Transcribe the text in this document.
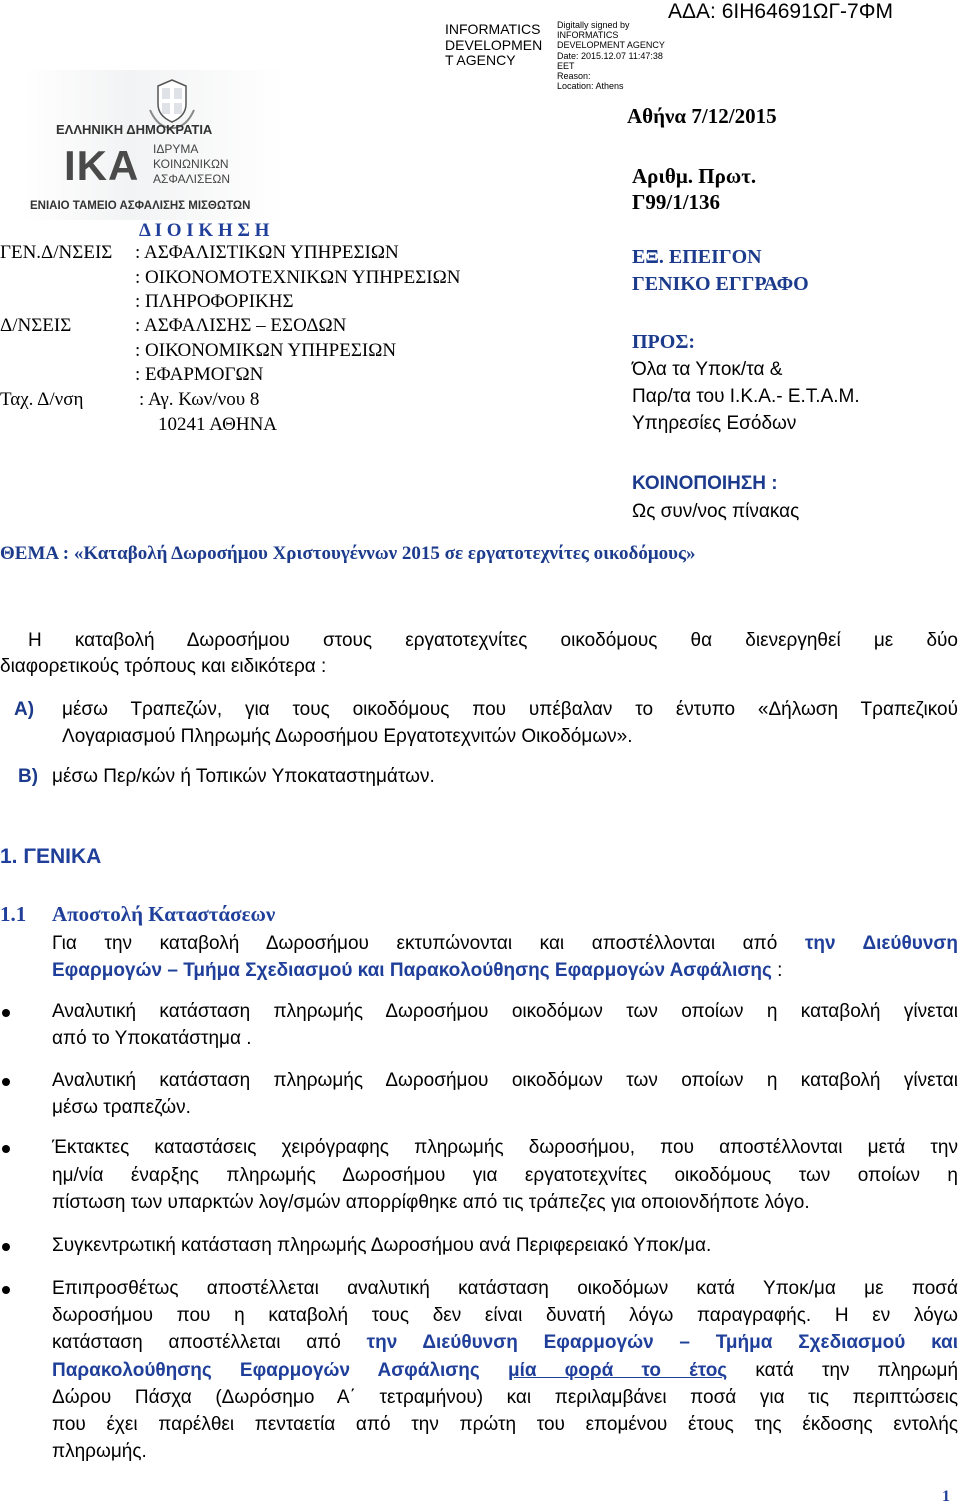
INFORMATICS
DEVELOPMEN
T AGENCY
Digitally signed by
INFORMATICS
DEVELOPMENT AGENCY
Date: 2015.12.07 11:47:38
EET
Reason:
Location: Athens
ΑΔΑ: 6ΙΗ64691ΩΓ-7ΦΜ
ΕΛΛΗΝΙΚΗ ΔΗΜΟΚΡΑΤΙΑ
ΙΚΑ ΙΔΡΥΜΑ
ΚΟΙΝΩΝΙΚΩΝ
ΑΣΦΑΛΙΣΕΩΝ
ΕΝΙΑΙΟ ΤΑΜΕΙΟ ΑΣΦΑΛΙΣΗΣ ΜΙΣΘΩΤΩΝ
Δ Ι Ο Ι Κ Η Σ Η
ΓΕΝ.Δ/ΝΣΕΙΣ : ΑΣΦΑΛΙΣΤΙΚΩΝ ΥΠΗΡΕΣΙΩΝ
: ΟΙΚΟΝΟΜΟΤΕΧΝΙΚΩΝ ΥΠΗΡΕΣΙΩΝ
: ΠΛΗΡΟΦΟΡΙΚΗΣ
Δ/ΝΣΕΙΣ	: ΑΣΦΑΛΙΣΗΣ – ΕΣΟΔΩΝ
: ΟΙΚΟΝΟΜΙΚΩΝ ΥΠΗΡΕΣΙΩΝ
: ΕΦΑΡΜΟΓΩΝ
Ταχ. Δ/νση	: Αγ. Κων/νου 8
10241 ΑΘΗΝΑ
Αθήνα 7/12/2015
Αριθμ. Πρωτ.
Γ99/1/136
ΕΞ. ΕΠΕΙΓΟΝ
ΓΕΝΙΚΟ ΕΓΓΡΑΦΟ
ΠΡΟΣ:
Όλα τα Υποκ/τα &
Παρ/τα του Ι.Κ.Α.- Ε.Τ.Α.Μ.
Υπηρεσίες Εσόδων
ΚΟΙΝΟΠΟΙΗΣΗ :
Ως συν/νος πίνακας
ΘΕΜΑ : «Καταβολή Δωροσήμου Χριστουγέννων 2015 σε εργατοτεχνίτες οικοδόμους»
Η καταβολή Δωροσήμου στους εργατοτεχνίτες οικοδόμους θα διενεργηθεί με δύο
διαφορετικούς τρόπους και ειδικότερα :
Α) μέσω Τραπεζών, για τους οικοδόμους που υπέβαλαν το έντυπο «Δήλωση Τραπεζικού
Λογαριασμού Πληρωμής Δωροσήμου Εργατοτεχνιτών Οικοδόμων».
Β) μέσω Περ/κών ή Τοπικών Υποκαταστημάτων.
1. ΓΕΝΙΚΑ
1.1 Αποστολή Καταστάσεων
Για την καταβολή Δωροσήμου εκτυπώνονται και αποστέλλονται από την Διεύθυνση
Εφαρμογών – Τμήμα Σχεδιασμού και Παρακολούθησης Εφαρμογών Ασφάλισης :
Αναλυτική κατάσταση πληρωμής Δωροσήμου οικοδόμων των οποίων η καταβολή γίνεται
από το Υποκατάστημα .
Αναλυτική κατάσταση πληρωμής Δωροσήμου οικοδόμων των οποίων η καταβολή γίνεται
μέσω τραπεζών.
Έκτακτες καταστάσεις χειρόγραφης πληρωμής δωροσήμου, που αποστέλλονται μετά την
ημ/νία έναρξης πληρωμής Δωροσήμου για εργατοτεχνίτες οικοδόμους των οποίων η
πίστωση των υπαρκτών λογ/σμών απορρίφθηκε από τις τράπεζες για οποιονδήποτε λόγο.
Συγκεντρωτική κατάσταση πληρωμής Δωροσήμου ανά Περιφερειακό Υποκ/μα.
Επιπροσθέτως αποστέλλεται αναλυτική κατάσταση οικοδόμων κατά Υποκ/μα με ποσά
δωροσήμου που η καταβολή τους δεν είναι δυνατή λόγω παραγραφής. Η εν λόγω
κατάσταση αποστέλλεται από την Διεύθυνση Εφαρμογών – Τμήμα Σχεδιασμού και
Παρακολούθησης Εφαρμογών Ασφάλισης μία φορά το έτος κατά την πληρωμή
Δώρου Πάσχα (Δωρόσημο Α΄ τετραμήνου) και περιλαμβάνει ποσά για τις περιπτώσεις
που έχει παρέλθει πενταετία από την πρώτη του επομένου έτους της έκδοσης εντολής
πληρωμής.
1
